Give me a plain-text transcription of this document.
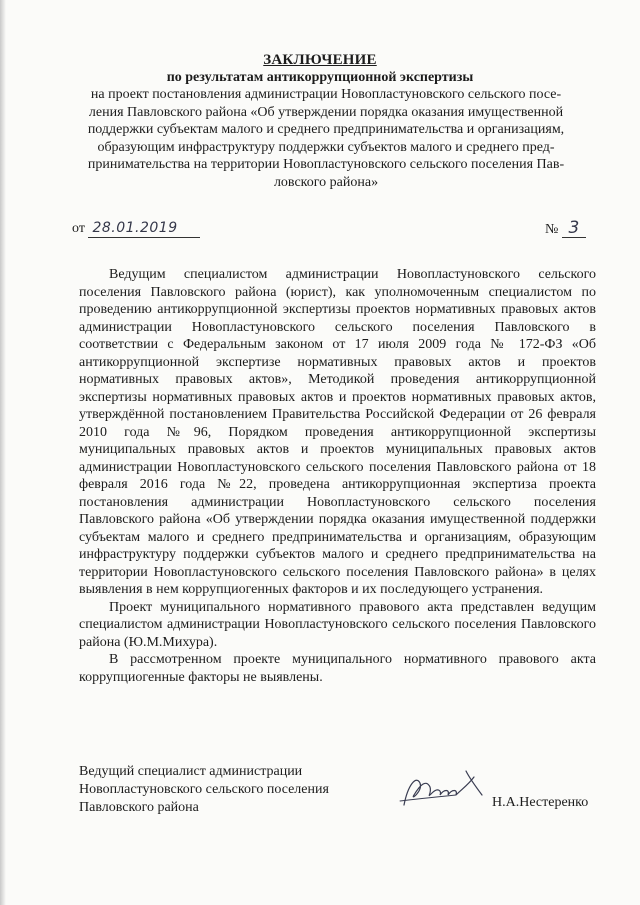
ЗАКЛЮЧЕНИЕ
по результатам антикоррупционной экспертизы
на проект постановления администрации Новопластуновского сельского посе-
ления Павловского района «Об утверждении порядка оказания имущественной
поддержки субъектам малого и среднего предпринимательства и организациям,
образующим инфраструктуру поддержки субъектов малого и среднего пред-
принимательства на территории Новопластуновского сельского поселения Пав-
ловского района»
от 28.01.2019	№ 3

Ведущим специалистом администрации Новопластуновского сельского поселения Павловского района (юрист), как уполномоченным специалистом по проведению антикоррупционной экспертизы проектов нормативных правовых актов администрации Новопластуновского сельского поселения Павловского в соответствии с Федеральным законом от 17 июля 2009 года № 172-ФЗ «Об антикоррупционной экспертизе нормативных правовых актов и проектов нормативных правовых актов», Методикой проведения антикоррупционной экспертизы нормативных правовых актов и проектов нормативных правовых актов, утверждённой постановлением Правительства Российской Федерации от 26 февраля 2010 года №96, Порядком проведения антикоррупционной экспертизы муниципальных правовых актов и проектов муниципальных правовых актов администрации Новопластуновского сельского поселения Павловского района от 18 февраля 2016 года №22, проведена антикоррупционная экспертиза проекта постановления администрации Новопластуновского сельского поселения Павловского района «Об утверждении порядка оказания имущественной поддержки субъектам малого и среднего предпринимательства и организациям, образующим инфраструктуру поддержки субъектов малого и среднего предпринимательства на территории Новопластуновского сельского поселения Павловского района» в целях выявления в нем коррупциогенных факторов и их последующего устранения.

Проект муниципального нормативного правового акта представлен ведущим специалистом администрации Новопластуновского сельского поселения Павловского района (Ю.М.Михура).

В рассмотренном проекте муниципального нормативного правового акта коррупциогенные факторы не выявлены.

Ведущий специалист администрации
Новопластуновского сельского поселения
Павловского района	Н.А.Нестеренко
